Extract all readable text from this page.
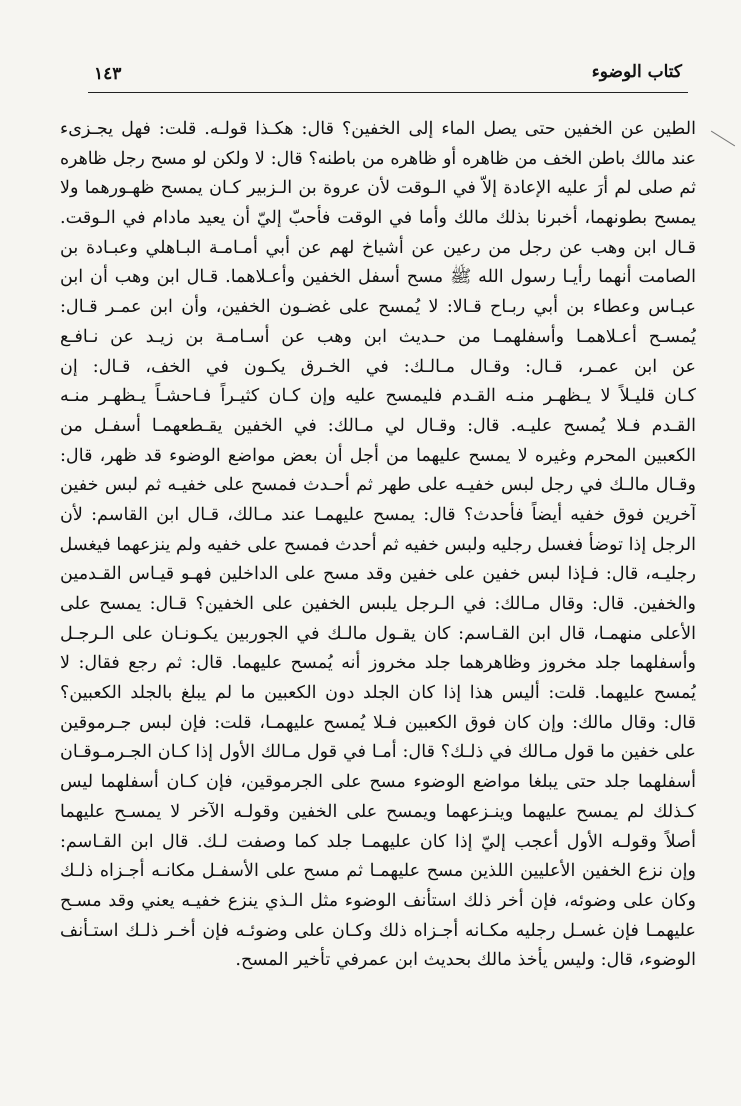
كتاب الوضوء
١٤٣
الطين عن الخفين حتى يصل الماء إلى الخفين؟ قال: هكـذا قولـه. قلت: فهل يجـزىء
عند مالك باطن الخف من ظاهره أو ظاهره من باطنه؟ قال: لا ولكن لو مسح رجل ظاهره
ثم صلى لم أرَ عليه الإعادة إلاّ في الـوقت لأن عروة بن الـزبير كـان يمسح ظهـورهما ولا
يمسح بطونهما، أخبرنا بذلك مالك وأما في الوقت فأحبّ إليّ أن يعيد مادام في الـوقت.
قـال ابن وهب عن رجل من رعين عن أشياخ لهم عن أبي أمـامـة البـاهلي وعبـادة بن
الصامت أنهما رأيـا رسول الله ﷺ مسح أسفل الخفين وأعـلاهما. قـال ابن وهب أن ابن
عبـاس وعطاء بن أبي ربـاح قـالا: لا يُمسح على غضـون الخفين، وأن ابن عمـر قـال:
يُمسـح أعـلاهمـا وأسفلهمـا من حـديث ابن وهب عن أسـامـة بن زيـد عن نـافـع
عن ابن عمـر، قـال: وقـال مـالـك: في الخـرق يكـون في الخف، قـال: إن
كـان قليـلاً لا يـظهـر منـه القـدم فليمسح عليه وإن كـان كثيـراً فـاحشـاً يـظهـر منـه
القـدم فـلا يُمسح عليـه. قال: وقـال لي مـالك: في الخفين يقـطعهمـا أسفـل من
الكعبين المحرم وغيره لا يمسح عليهما من أجل أن بعض مواضع الوضوء قد ظهر، قال:
وقـال مالـك في رجل لبس خفيـه على طهر ثم أحـدث فمسح على خفيـه ثم لبس خفين
آخرين فوق خفيه أيضاً فأحدث؟ قال: يمسح عليهمـا عند مـالك، قـال ابن القاسم: لأن
الرجل إذا توضأ فغسل رجليه ولبس خفيه ثم أحدث فمسح على خفيه ولم ينزعهما فيغسل
رجليـه، قال: فـإذا لبس خفين على خفين وقد مسح على الداخلين فهـو قيـاس القـدمين
والخفين. قال: وقال مـالك: في الـرجل يلبس الخفين على الخفين؟ قـال: يمسح على
الأعلى منهمـا، قال ابن القـاسم: كان يقـول مالـك في الجوربين يكـونـان على الـرجـل
وأسفلهما جلد مخروز وظاهرهما جلد مخروز أنه يُمسح عليهما. قال: ثم رجع فقال: لا
يُمسح عليهما. قلت: أليس هذا إذا كان الجلد دون الكعبين ما لم يبلغ بالجلد الكعبين؟
قال: وقال مالك: وإن كان فوق الكعبين فـلا يُمسح عليهمـا، قلت: فإن لبس جـرموقين
على خفين ما قول مـالك في ذلـك؟ قال: أمـا في قول مـالك الأول إذا كـان الجـرمـوقـان
أسفلهما جلد حتى يبلغا مواضع الوضوء مسح على الجرموقين، فإن كـان أسفلهما ليس
كـذلك لم يمسح عليهما وينـزعهما ويمسح على الخفين وقولـه الآخر لا يمسـح عليهما
أصلاً وقولـه الأول أعجب إليّ إذا كان عليهمـا جلد كما وصفت لـك. قال ابن القـاسم:
وإن نزع الخفين الأعليين اللذين مسح عليهمـا ثم مسح على الأسفـل مكانـه أجـزاه ذلـك
وكان على وضوئه، فإن أخر ذلك استأنف الوضوء مثل الـذي ينزع خفيـه يعني وقد مسـح
عليهمـا فإن غسـل رجليه مكـانه أجـزاه ذلك وكـان على وضوئـه فإن أخـر ذلـك استـأنف
الوضوء، قال: وليس يأخذ مالك بحديث ابن عمرفي تأخير المسح.
